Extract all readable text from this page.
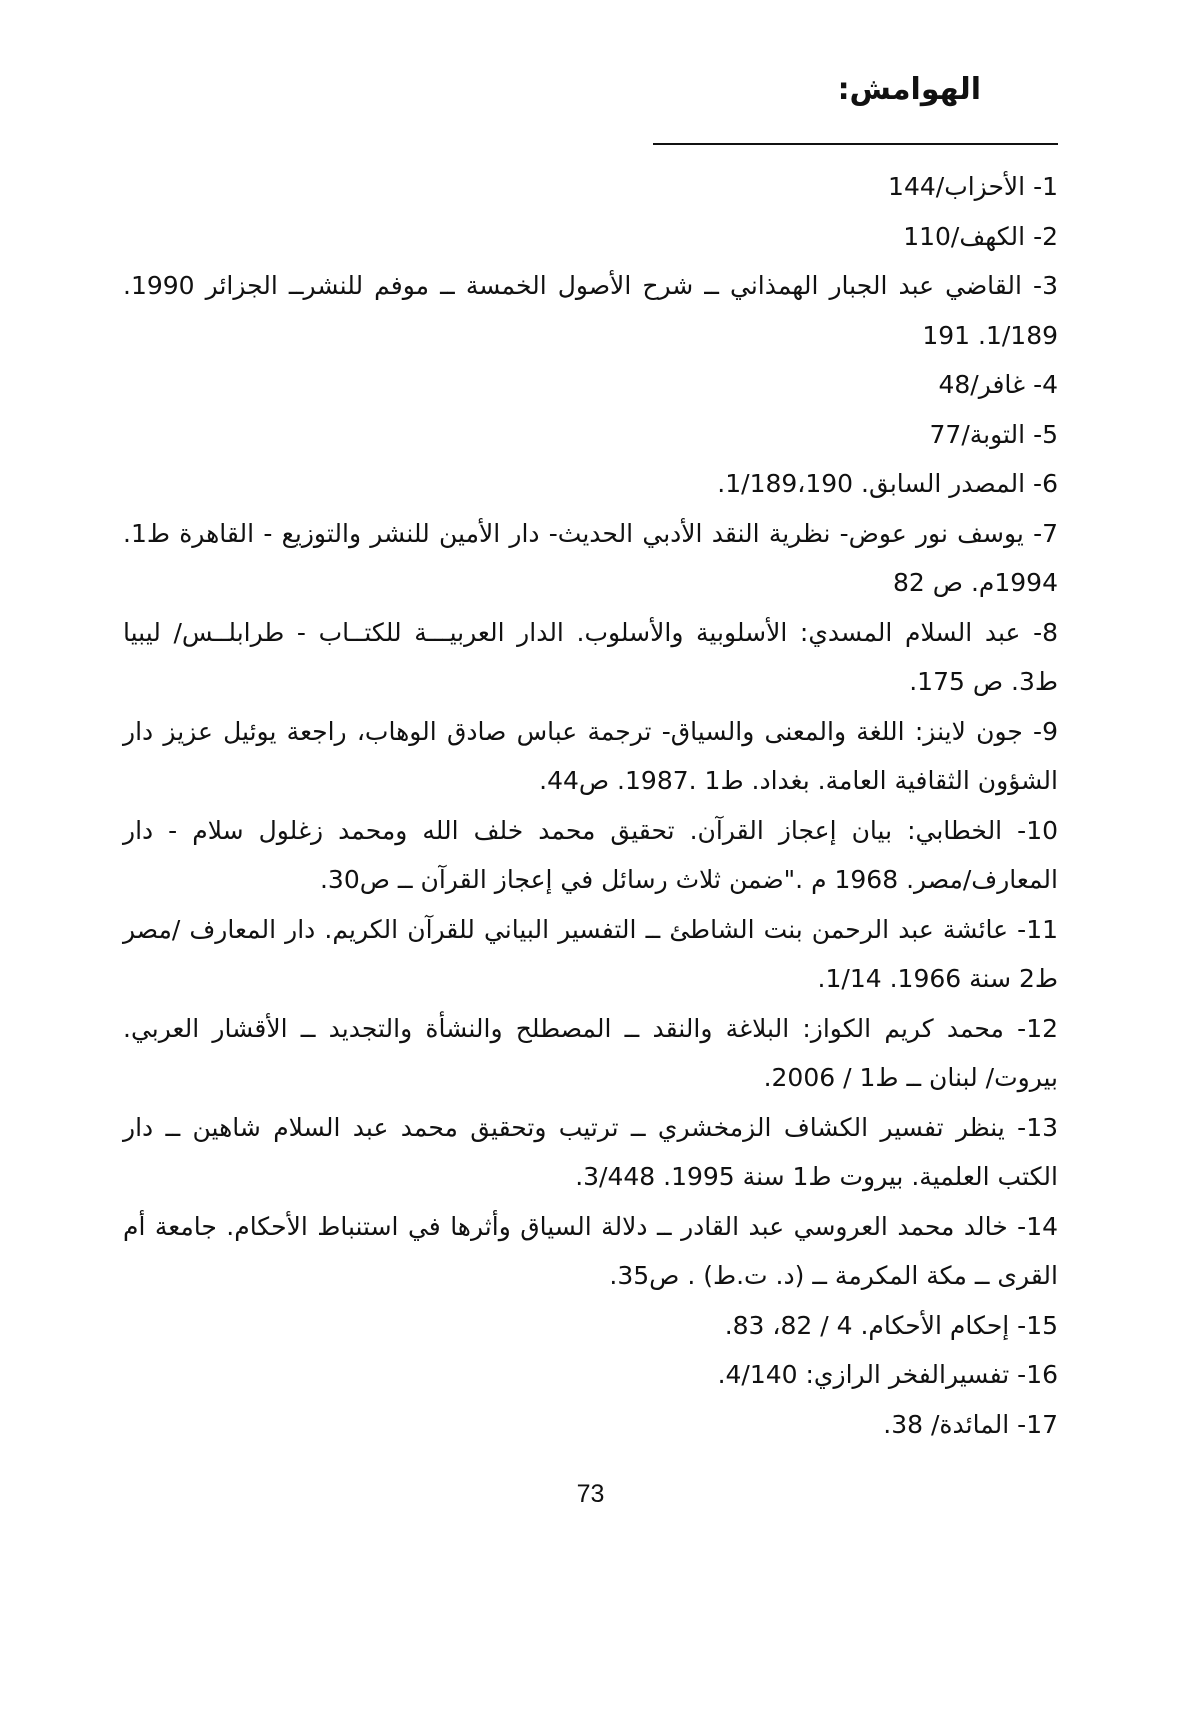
الهوامش:

1- الأحزاب/144

2- الكهف/110

3- القاضي عبد الجبار الهمذاني ــ شرح الأصول الخمسة ــ موفم للنشرــ الجزائر 1990. 1/189. 191

4- غافر/48

5- التوبة/77

6- المصدر السابق. 1/189،190.

7- يوسف نور عوض- نظرية النقد الأدبي الحديث- دار الأمين للنشر والتوزيع - القاهرة ط1. 1994م. ص 82

8- عبد السلام المسدي: الأسلوبية والأسلوب. الدار العربيـــة للكتــاب - طرابلــس/ ليبيا ط3. ص 175.

9- جون لاينز: اللغة والمعنى والسياق- ترجمة عباس صادق الوهاب، راجعة يوئيل عزيز دار الشؤون الثقافية العامة. بغداد. ط1 .1987. ص44.

10- الخطابي: بيان إعجاز القرآن. تحقيق محمد خلف الله ومحمد زغلول سلام - دار المعارف/مصر. 1968 م ."ضمن ثلاث رسائل في إعجاز القرآن ــ ص30.

11- عائشة عبد الرحمن بنت الشاطئ ــ التفسير البياني للقرآن الكريم. دار المعارف /مصر ط2 سنة 1966. 1/14.

12- محمد كريم الكواز: البلاغة والنقد ــ المصطلح والنشأة والتجديد ــ الأقشار العربي. بيروت/ لبنان ــ ط1 / 2006.

13- ينظر تفسير الكشاف الزمخشري ــ ترتيب وتحقيق محمد عبد السلام شاهين ــ دار الكتب العلمية. بيروت ط1 سنة 1995. 3/448.

14- خالد محمد العروسي عبد القادر ــ دلالة السياق وأثرها في استنباط الأحكام. جامعة أم القرى ــ مكة المكرمة ــ (د. ت.ط) . ص35.

15- إحكام الأحكام. 4 / 82، 83.

16- تفسيرالفخر الرازي: 4/140.

17- المائدة/ 38.

73
